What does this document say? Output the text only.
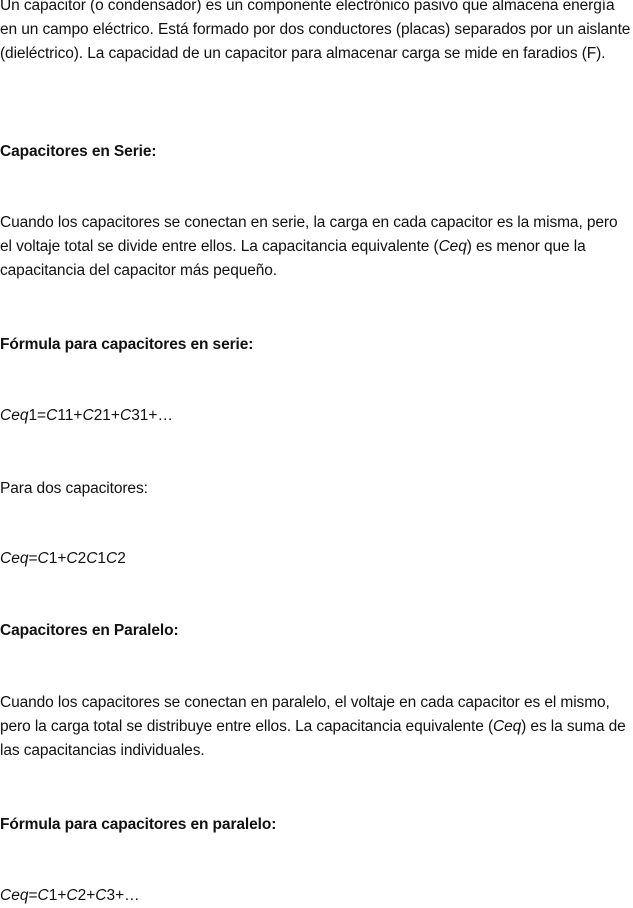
Un capacitor (o condensador) es un componente electrónico pasivo que almacena energía en un campo eléctrico. Está formado por dos conductores (placas) separados por un aislante (dieléctrico). La capacidad de un capacitor para almacenar carga se mide en faradios (F).

Capacitores en Serie:

Cuando los capacitores se conectan en serie, la carga en cada capacitor es la misma, pero el voltaje total se divide entre ellos. La capacitancia equivalente (Ceq) es menor que la capacitancia del capacitor más pequeño.

Fórmula para capacitores en serie:

Ceq1=C11+C21+C31+…

Para dos capacitores:

Ceq=C1+C2C1C2

Capacitores en Paralelo:

Cuando los capacitores se conectan en paralelo, el voltaje en cada capacitor es el mismo, pero la carga total se distribuye entre ellos. La capacitancia equivalente (Ceq) es la suma de las capacitancias individuales.

Fórmula para capacitores en paralelo:

Ceq=C1+C2+C3+…
